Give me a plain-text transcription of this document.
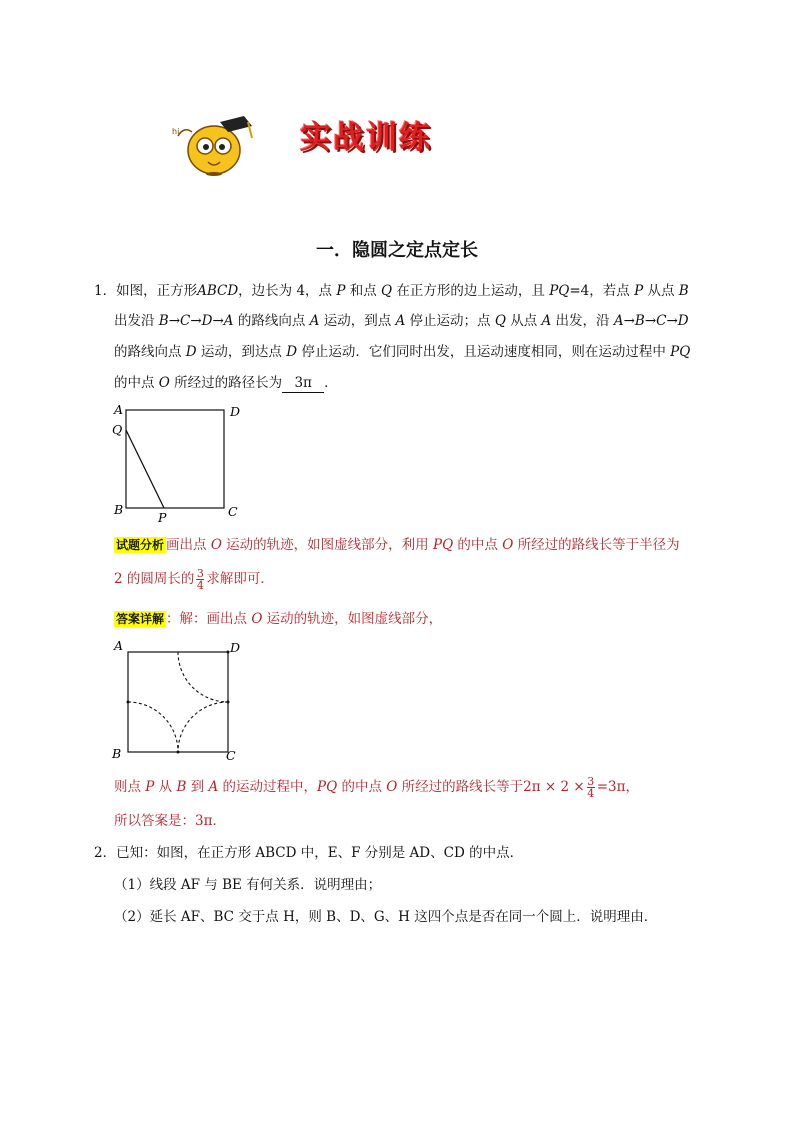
hi	实战训练
一．隐圆之定点定长
1．如图，正方形ABCD，边长为 4，点 P 和点 Q 在正方形的边上运动，且 PQ=4，若点 P 从点 B
出发沿 B→C→D→A 的路线向点 A 运动，到点 A 停止运动；点 Q 从点 A 出发，沿 A→B→C→D
的路线向点 D 运动，到达点 D 停止运动．它们同时出发，且运动速度相同，则在运动过程中 PQ
的中点 O 所经过的路径长为 3π ．
A	D
Q
B	C
P
试题分析 画出点 O 运动的轨迹，如图虚线部分，利用 PQ 的中点 O 所经过的路线长等于半径为
2 的圆周长的 $\frac{3}{4}$ 求解即可．
答案详解 ：解：画出点 O 运动的轨迹，如图虚线部分，
A	D
B	C
则点 P 从 B 到 A 的运动过程中，PQ 的中点 O 所经过的路线长等于$2\pi \times 2 \times \frac{3}{4} =3\pi$，
所以答案是：3π．
2．已知：如图，在正方形 ABCD 中，E、F 分别是 AD、CD 的中点．
（1）线段 AF 与 BE 有何关系．说明理由；
（2）延长 AF、BC 交于点 H，则 B、D、G、H 这四个点是否在同一个圆上．说明理由．
